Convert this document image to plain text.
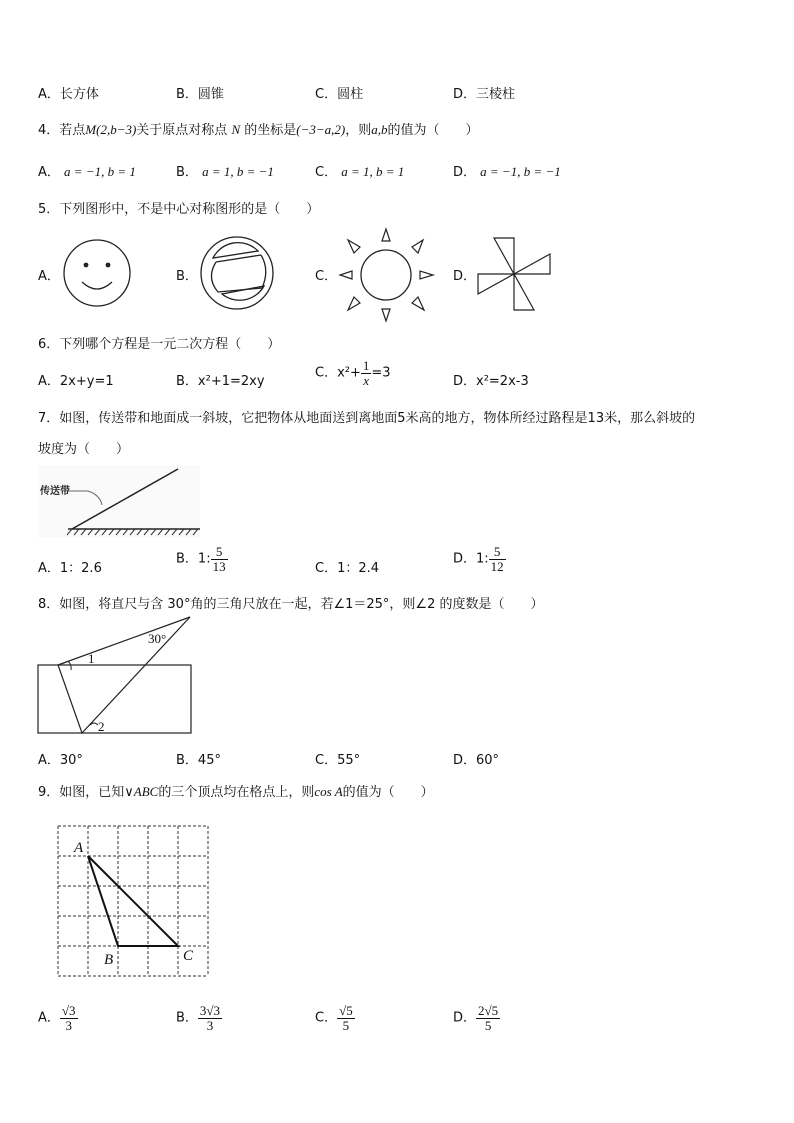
A．长方体	B．圆锥	C．圆柱	D．三棱柱
4．若点M(2,b−3)关于原点对称点 N 的坐标是(−3−a,2)，则a,b的值为（　　）
A． a = −1, b = 1	B． a = 1, b = −1	C． a = 1, b = 1	D． a = −1, b = −1
5．下列图形中，不是中心对称图形的是（　　）
A．	B．	C．	D．
6．下列哪个方程是一元二次方程（　　）
A．2x+y=1	B．x²+1=2xy
C．$x^2+ \frac{1}{x} =3$
D．x²=2x-3
7．如图，传送带和地面成一斜坡，它把物体从地面送到离地面5米高的地方，物体所经过路程是13米，那么斜坡的
坡度为（　　）
传送带
A．1：2.6
B．1: $\frac{5}{13}$	C．1：2.4
D．1: $\frac{5}{12}$
8．如图，将直尺与含 30°角的三角尺放在一起，若∠1＝25°，则∠2 的度数是（　　）
30°
1
2
A．30°	B．45°	C．55°	D．60°
9．如图，已知∨ABC的三个顶点均在格点上，则cos A的值为（　　）
A
B	C
A． $\frac{√3}{3}$	B． $\frac{3√3}{3}$	C． $\frac{√5}{5}$	D． $\frac{2√5}{5}$
